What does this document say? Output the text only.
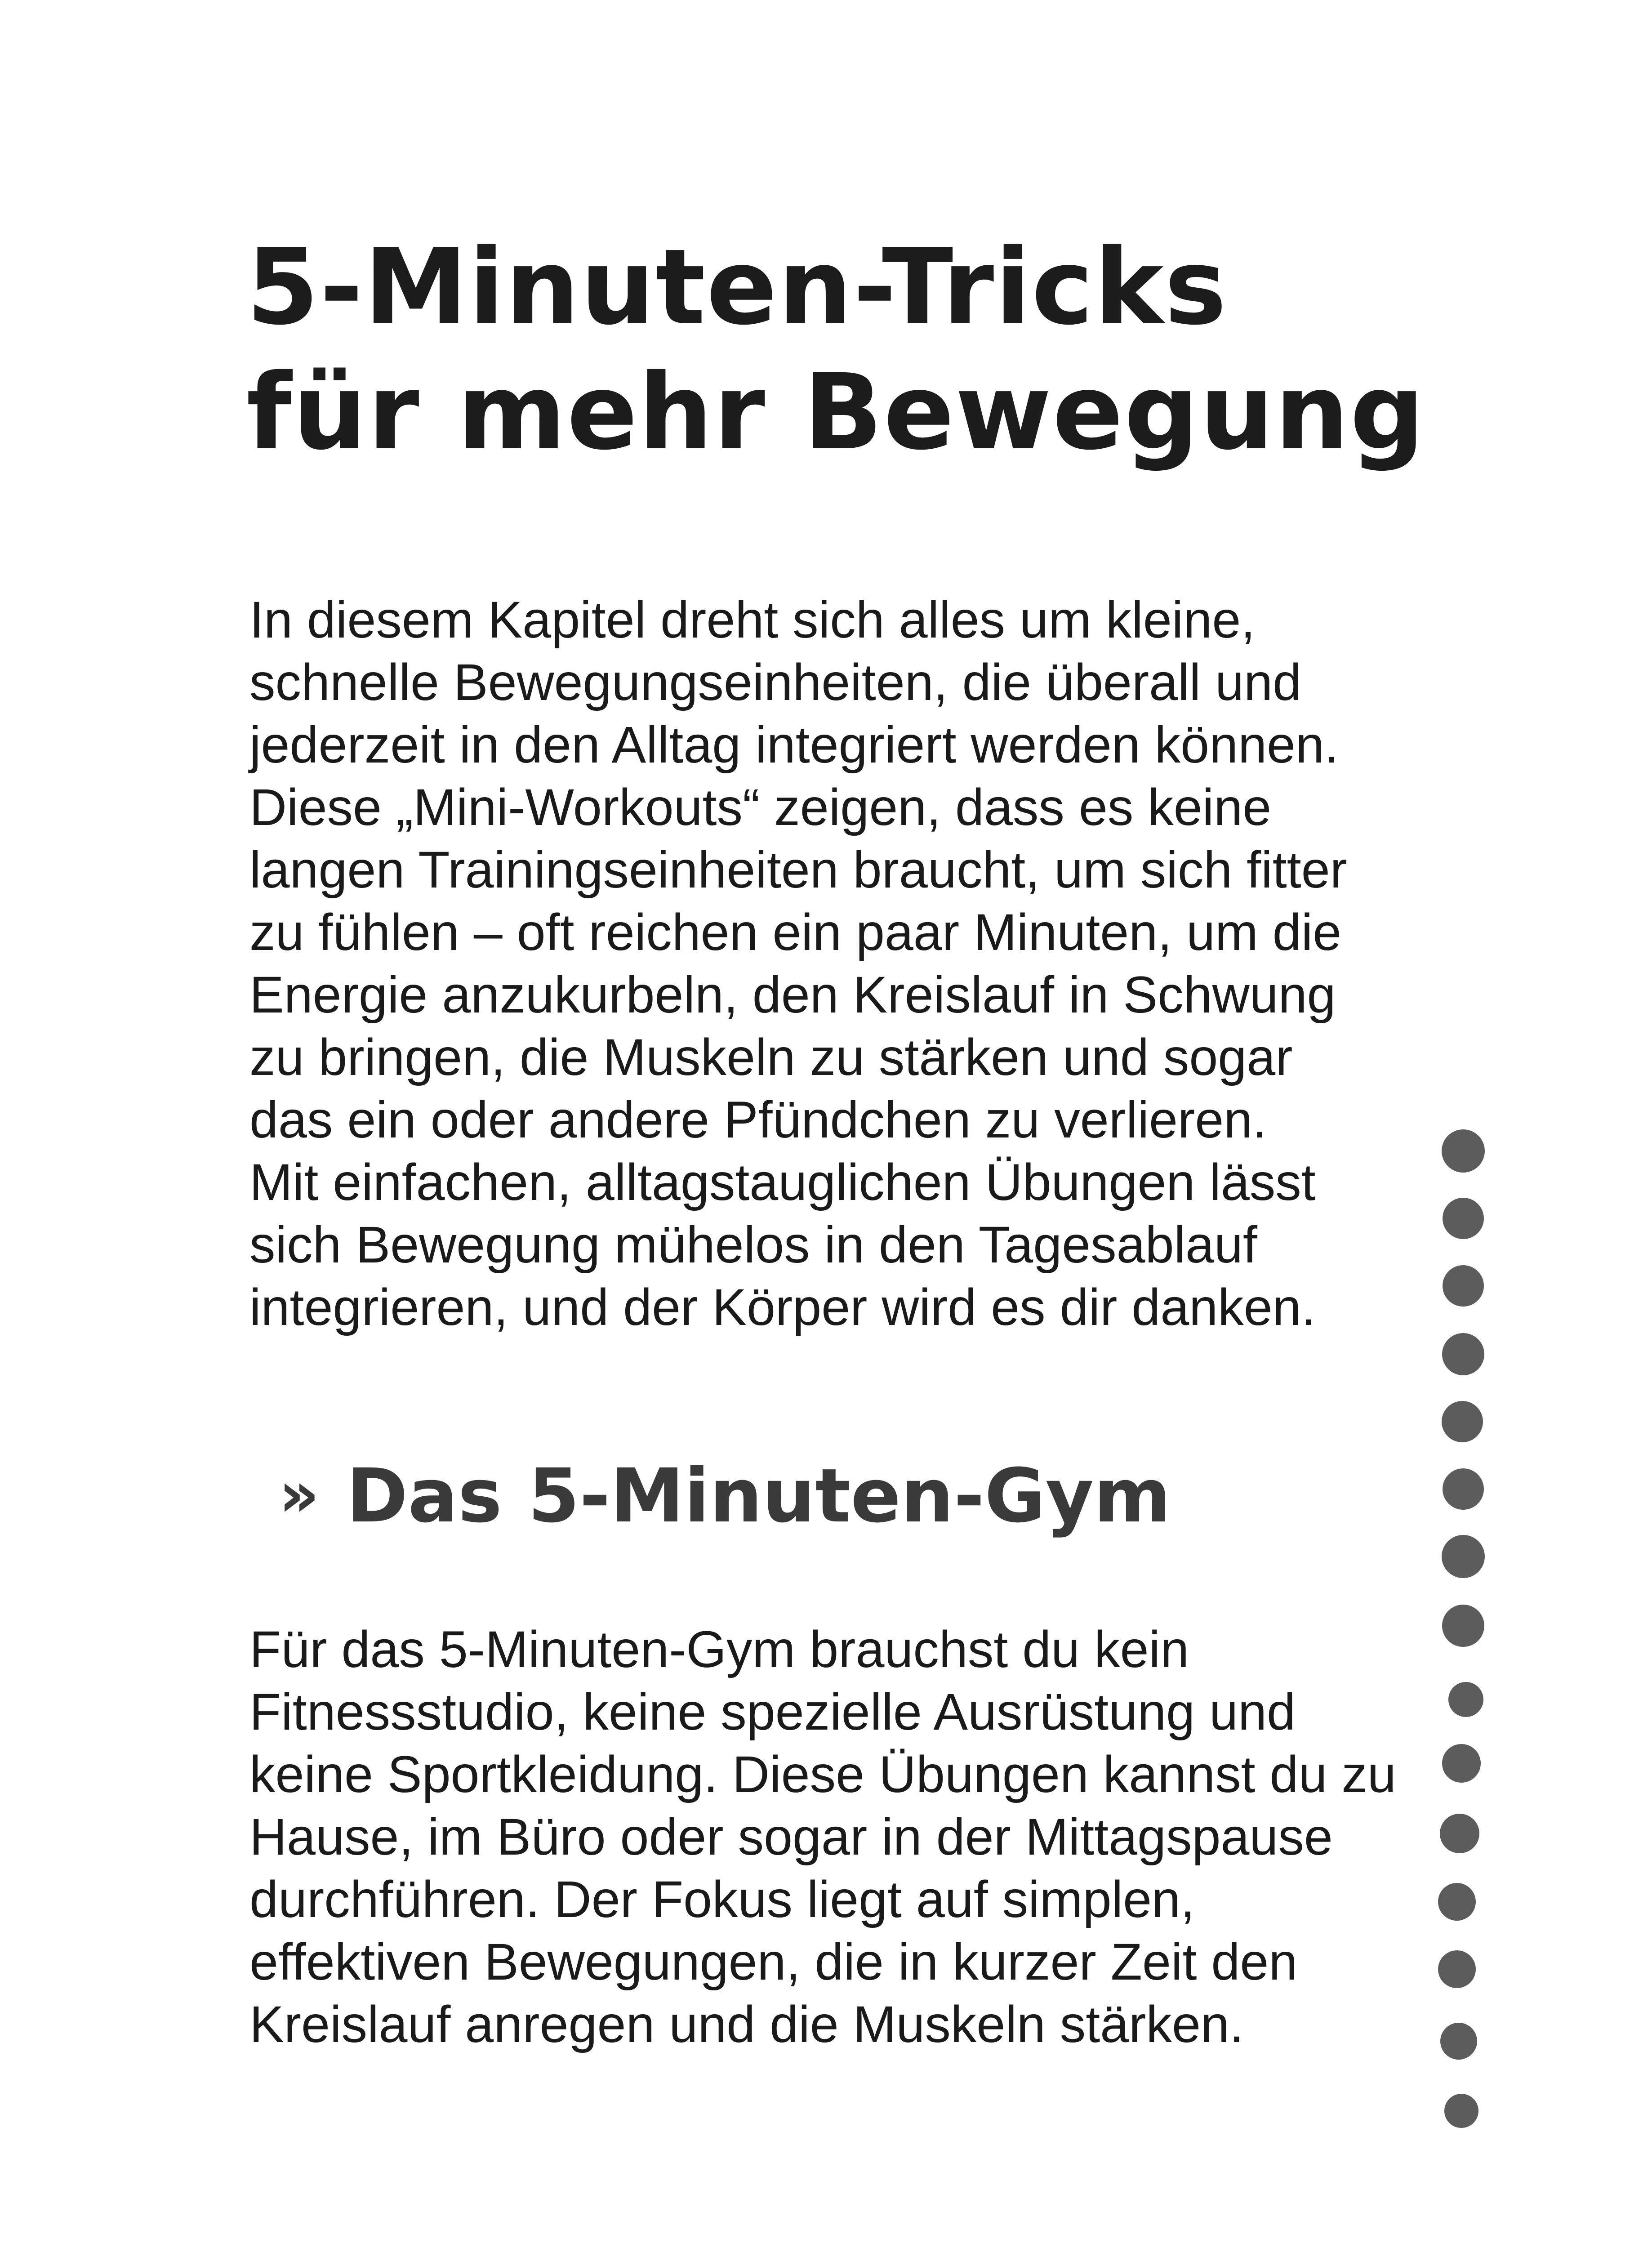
5-Minuten-Tricks
für mehr Bewegung

In diesem Kapitel dreht sich alles um kleine,
schnelle Bewegungseinheiten, die überall und
jederzeit in den Alltag integriert werden können.
Diese „Mini-Workouts“ zeigen, dass es keine
langen Trainingseinheiten braucht, um sich fitter
zu fühlen – oft reichen ein paar Minuten, um die
Energie anzukurbeln, den Kreislauf in Schwung
zu bringen, die Muskeln zu stärken und sogar
das ein oder andere Pfündchen zu verlieren.
Mit einfachen, alltagstauglichen Übungen lässt
sich Bewegung mühelos in den Tagesablauf
integrieren, und der Körper wird es dir danken.

» Das 5-Minuten-Gym

Für das 5-Minuten-Gym brauchst du kein
Fitnessstudio, keine spezielle Ausrüstung und
keine Sportkleidung. Diese Übungen kannst du zu
Hause, im Büro oder sogar in der Mittagspause
durchführen. Der Fokus liegt auf simplen,
effektiven Bewegungen, die in kurzer Zeit den
Kreislauf anregen und die Muskeln stärken.
